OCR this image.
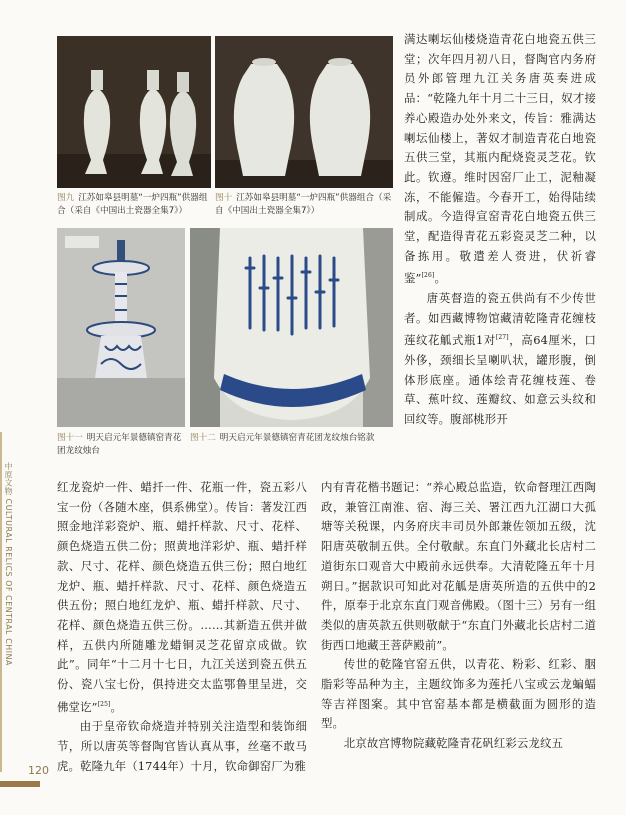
图九 江苏如皋县明墓“一炉四瓶”供器组合（采自《中国出土瓷器全集7》）
图十 江苏如皋县明墓“一炉四瓶”供器组合（采自《中国出土瓷器全集7》）
图十一 明天启元年景德镇窑青花团龙纹烛台
图十二 明天启元年景德镇窑青花团龙纹烛台铭款

满达喇坛仙楼烧造青花白地瓷五供三堂；次年四月初八日，督陶官内务府员外郎管理九江关务唐英奏进成品：“乾隆九年十月二十三日，奴才接养心殿造办处外来文，传旨：雅满达喇坛仙楼上，著奴才制造青花白地瓷五供三堂，其瓶内配烧瓷灵芝花。钦此。钦遵。维时因窑厂止工，泥釉凝冻，不能僱造。今春开工，始得陆续制成。今造得宣窑青花白地瓷五供三堂，配造得青花五彩瓷灵芝二种，以备拣用。敬遣差人赍进，伏祈睿鉴”[26]。

唐英督造的瓷五供尚有不少传世者。如西藏博物馆藏清乾隆青花缠枝莲纹花觚式瓶1对[27]，高64厘米，口外侈，颈细长呈喇叭状，罐形腹，倒体形底座。通体绘青花缠枝莲、卷草、蕉叶纹、莲瓣纹、如意云头纹和回纹等。腹部桃形开

红龙瓷炉一件、蜡扦一件、花瓶一件，瓷五彩八宝一份（各随木座，俱系佛堂）。传旨：著发江西照金地洋彩瓷炉、瓶、蜡扦样款、尺寸、花样、颜色烧造五供二份；照黄地洋彩炉、瓶、蜡扦样款、尺寸、花样、颜色烧造五供三份；照白地红龙炉、瓶、蜡扦样款、尺寸、花样、颜色烧造五供五份；照白地红龙炉、瓶、蜡扦样款、尺寸、花样、颜色烧造五供三份。……其新造五供并做样，五供内所随雕龙蜡铜灵芝花留京成做。钦此”。同年“十二月十七日，九江关送到瓷五供五份、瓷八宝七份，俱持进交太监鄂鲁里呈进，交佛堂讫”[25]。

由于皇帝钦命烧造并特别关注造型和装饰细节，所以唐英等督陶官皆认真从事，丝毫不敢马虎。乾隆九年（1744年）十月，钦命御窑厂为雅

内有青花楷书题记：“养心殿总监造，钦命督理江西陶政，兼管江南淮、宿、海三关、署江西九江湖口大孤塘等关税课，内务府庆丰司员外郎兼佐领加五级，沈阳唐英敬制五供。全付敬献。东直门外藏北长店村二道街东口观音大中殿前永远供奉。大清乾隆五年十月朔日。”据款识可知此对花觚是唐英所造的五供中的2件，原奉于北京东直门观音佛殿。（图十三）另有一组类似的唐英款五供则敬献于“东直门外藏北长店村二道街西口地藏王菩萨殿前”。

传世的乾隆官窑五供，以青花、粉彩、红彩、胭脂彩等品种为主，主题纹饰多为莲托八宝或云龙蝙蝠等吉祥图案。其中官窑基本都是横截面为圆形的造型。

北京故宫博物院藏乾隆青花矾红彩云龙纹五

中原文物 CULTURAL RELICS OF CENTRAL CHINA
120
